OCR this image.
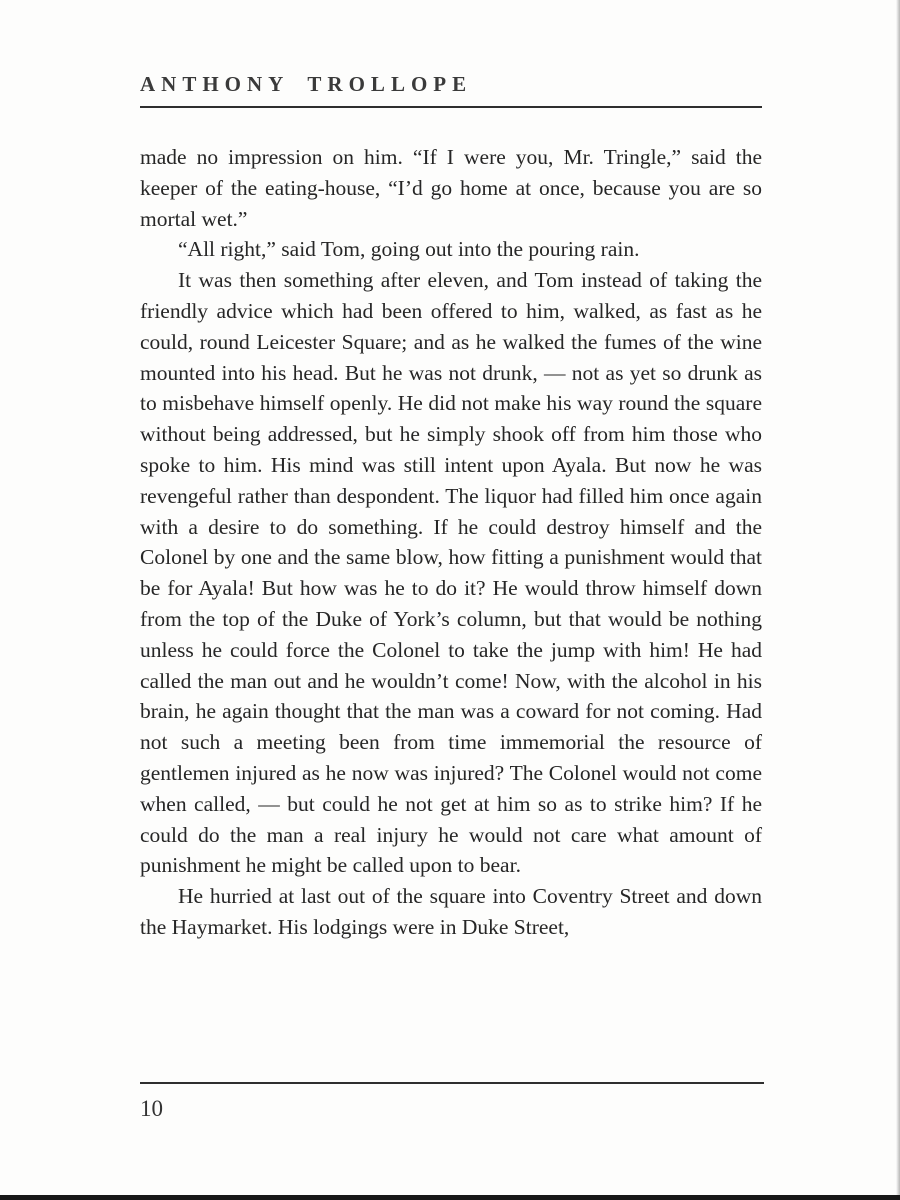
ANTHONY TROLLOPE

made no impression on him. “If I were you, Mr. Tringle,” said the keeper of the eating-house, “I’d go home at once, because you are so mortal wet.”

“All right,” said Tom, going out into the pouring rain.

It was then something after eleven, and Tom instead of taking the friendly advice which had been offered to him, walked, as fast as he could, round Leicester Square; and as he walked the fumes of the wine mounted into his head. But he was not drunk, — not as yet so drunk as to misbehave himself openly. He did not make his way round the square without being addressed, but he simply shook off from him those who spoke to him. His mind was still intent upon Ayala. But now he was revengeful rather than despondent. The liquor had filled him once again with a desire to do something. If he could destroy himself and the Colonel by one and the same blow, how fitting a punishment would that be for Ayala! But how was he to do it? He would throw himself down from the top of the Duke of York’s column, but that would be nothing unless he could force the Colonel to take the jump with him! He had called the man out and he wouldn’t come! Now, with the alcohol in his brain, he again thought that the man was a coward for not coming. Had not such a meeting been from time immemorial the resource of gentlemen injured as he now was injured? The Colonel would not come when called, — but could he not get at him so as to strike him? If he could do the man a real injury he would not care what amount of punishment he might be called upon to bear.

He hurried at last out of the square into Coventry Street and down the Haymarket. His lodgings were in Duke Street,

10
